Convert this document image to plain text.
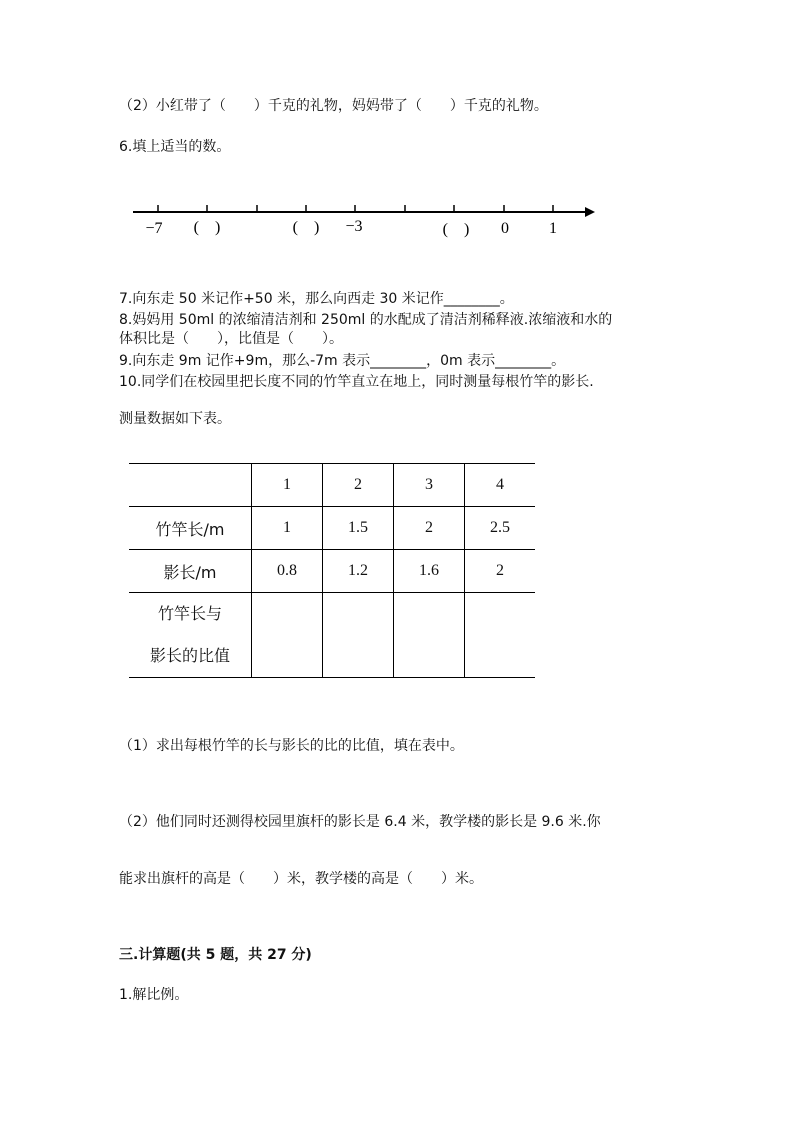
（2）小红带了（　　）千克的礼物，妈妈带了（　　）千克的礼物。
6.填上适当的数。
−7 (　)	(　) −3	(　) 0	1
7.向东走 50 米记作+50 米，那么向西走 30 米记作________。
8.妈妈用 50ml 的浓缩清洁剂和 250ml 的水配成了清洁剂稀释液.浓缩液和水的
体积比是（　　），比值是（　　）。
9.向东走 9m 记作+9m，那么-7m 表示________，0m 表示________。
10.同学们在校园里把长度不同的竹竿直立在地上，同时测量每根竹竿的影长.
测量数据如下表。
	1	2	3	4
竹竿长/m	1	1.5	2	2.5
影长/m	0.8	1.2	1.6	2

竹竿长与
影长的比值				

（1）求出每根竹竿的长与影长的比的比值，填在表中。
（2）他们同时还测得校园里旗杆的影长是 6.4 米，教学楼的影长是 9.6 米.你
能求出旗杆的高是（　　）米，教学楼的高是（　　）米。
三.计算题(共 5 题，共 27 分)
1.解比例。
